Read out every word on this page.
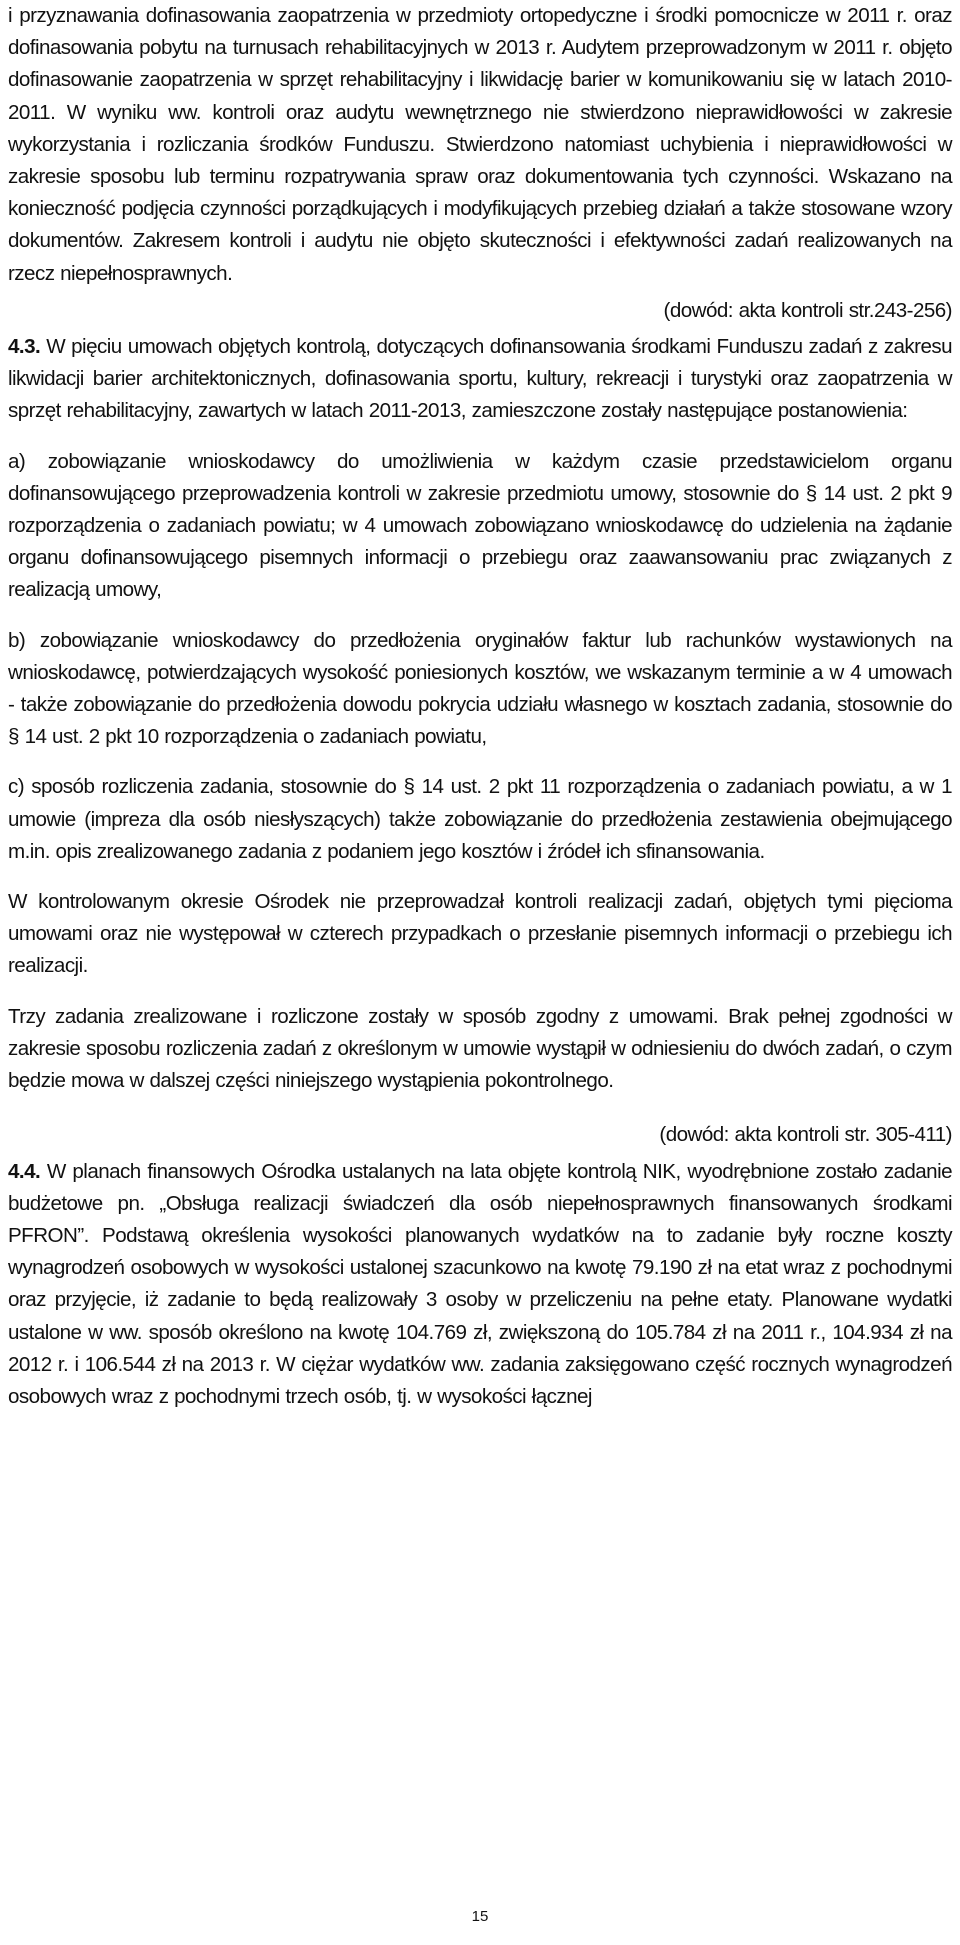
i przyznawania dofinasowania zaopatrzenia w przedmioty ortopedyczne i środki pomocnicze w 2011 r. oraz dofinasowania pobytu na turnusach rehabilitacyjnych w 2013 r. Audytem przeprowadzonym w 2011 r. objęto dofinasowanie zaopatrzenia w sprzęt rehabilitacyjny i likwidację barier w komunikowaniu się w latach 2010-2011. W wyniku ww. kontroli oraz audytu wewnętrznego nie stwierdzono nieprawidłowości w zakresie wykorzystania i rozliczania środków Funduszu. Stwierdzono natomiast uchybienia i nieprawidłowości w zakresie sposobu lub terminu rozpatrywania spraw oraz dokumentowania tych czynności. Wskazano na konieczność podjęcia czynności porządkujących i modyfikujących przebieg działań a także stosowane wzory dokumentów. Zakresem kontroli i audytu nie objęto skuteczności i efektywności zadań realizowanych na rzecz niepełnosprawnych.

(dowód: akta kontroli str.243-256)

4.3. W pięciu umowach objętych kontrolą, dotyczących dofinansowania środkami Funduszu zadań z zakresu likwidacji barier architektonicznych, dofinasowania sportu, kultury, rekreacji i turystyki oraz zaopatrzenia w sprzęt rehabilitacyjny, zawartych w latach 2011-2013, zamieszczone zostały następujące postanowienia:

a) zobowiązanie wnioskodawcy do umożliwienia w każdym czasie przedstawicielom organu dofinansowującego przeprowadzenia kontroli w zakresie przedmiotu umowy, stosownie do § 14 ust. 2 pkt 9 rozporządzenia o zadaniach powiatu; w 4 umowach zobowiązano wnioskodawcę do udzielenia na żądanie organu dofinansowującego pisemnych informacji o przebiegu oraz zaawansowaniu prac związanych z realizacją umowy,

b) zobowiązanie wnioskodawcy do przedłożenia oryginałów faktur lub rachunków wystawionych na wnioskodawcę, potwierdzających wysokość poniesionych kosztów, we wskazanym terminie a w 4 umowach - także zobowiązanie do przedłożenia dowodu pokrycia udziału własnego w kosztach zadania, stosownie do § 14 ust. 2 pkt 10 rozporządzenia o zadaniach powiatu,

c) sposób rozliczenia zadania, stosownie do § 14 ust. 2 pkt 11 rozporządzenia o zadaniach powiatu, a w 1 umowie (impreza dla osób niesłyszących) także zobowiązanie do przedłożenia zestawienia obejmującego m.in. opis zrealizowanego zadania z podaniem jego kosztów i źródeł ich sfinansowania.

W kontrolowanym okresie Ośrodek nie przeprowadzał kontroli realizacji zadań, objętych tymi pięcioma umowami oraz nie występował w czterech przypadkach o przesłanie pisemnych informacji o przebiegu ich realizacji.

Trzy zadania zrealizowane i rozliczone zostały w sposób zgodny z umowami. Brak pełnej zgodności w zakresie sposobu rozliczenia zadań z określonym w umowie wystąpił w odniesieniu do dwóch zadań, o czym będzie mowa w dalszej części niniejszego wystąpienia pokontrolnego.

(dowód: akta kontroli str. 305-411)

4.4. W planach finansowych Ośrodka ustalanych na lata objęte kontrolą NIK, wyodrębnione zostało zadanie budżetowe pn. „Obsługa realizacji świadczeń dla osób niepełnosprawnych finansowanych środkami PFRON”. Podstawą określenia wysokości planowanych wydatków na to zadanie były roczne koszty wynagrodzeń osobowych w wysokości ustalonej szacunkowo na kwotę 79.190 zł na etat wraz z pochodnymi oraz przyjęcie, iż zadanie to będą realizowały 3 osoby w przeliczeniu na pełne etaty. Planowane wydatki ustalone w ww. sposób określono na kwotę 104.769 zł, zwiększoną do 105.784 zł na 2011 r., 104.934 zł na 2012 r. i 106.544 zł na 2013 r. W ciężar wydatków ww. zadania zaksięgowano część rocznych wynagrodzeń osobowych wraz z pochodnymi trzech osób, tj. w wysokości łącznej

15
